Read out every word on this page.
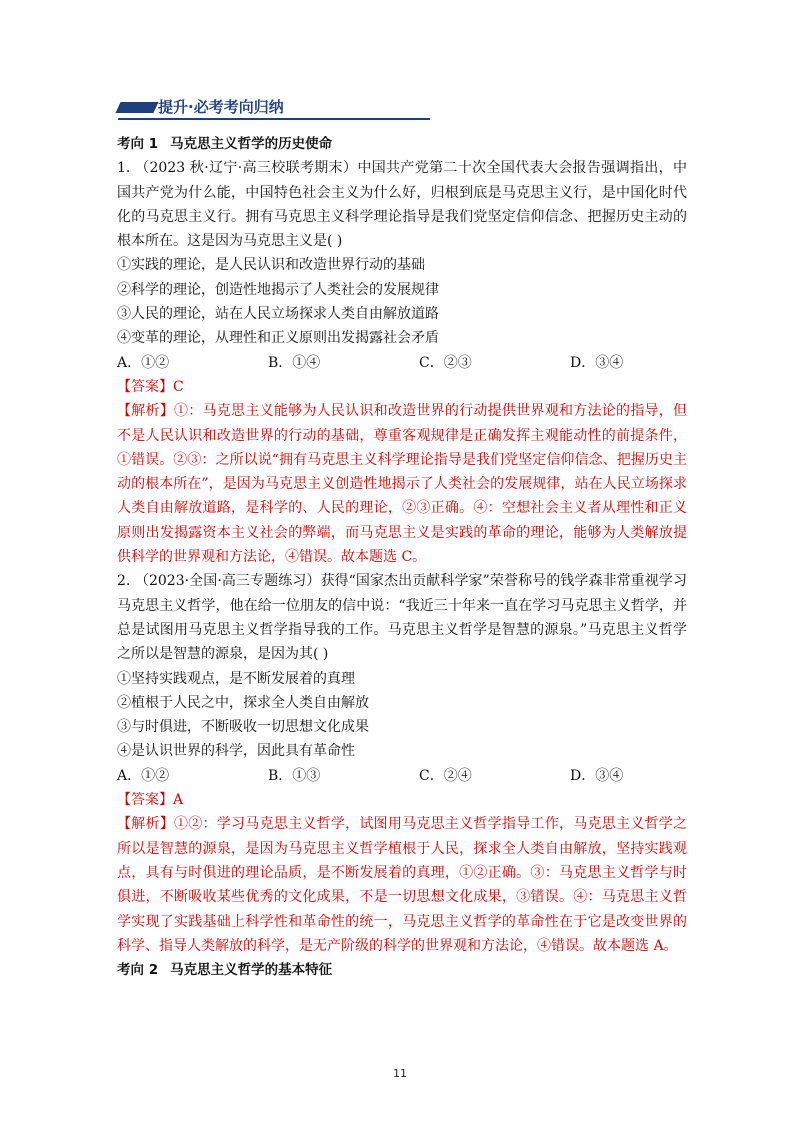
提升·必考考向归纳
考向 1 马克思主义哲学的历史使命
1. （2023 秋·辽宁·高三校联考期末）中国共产党第二十次全国代表大会报告强调指出，中国共产党为什么能，中国特色社会主义为什么好，归根到底是马克思主义行，是中国化时代化的马克思主义行。拥有马克思主义科学理论指导是我们党坚定信仰信念、把握历史主动的根本所在。这是因为马克思主义是( )
①实践的理论，是人民认识和改造世界行动的基础
②科学的理论，创造性地揭示了人类社会的发展规律
③人民的理论，站在人民立场探求人类自由解放道路
④变革的理论，从理性和正义原则出发揭露社会矛盾
A．①②	B．①④	C．②③	D．③④
【答案】C
【解析】①：马克思主义能够为人民认识和改造世界的行动提供世界观和方法论的指导，但不是人民认识和改造世界的行动的基础，尊重客观规律是正确发挥主观能动性的前提条件，①错误。②③：之所以说“拥有马克思主义科学理论指导是我们党坚定信仰信念、把握历史主动的根本所在”，是因为马克思主义创造性地揭示了人类社会的发展规律，站在人民立场探求人类自由解放道路，是科学的、人民的理论，②③正确。④：空想社会主义者从理性和正义原则出发揭露资本主义社会的弊端，而马克思主义是实践的革命的理论，能够为人类解放提供科学的世界观和方法论，④错误。故本题选 C。
2. （2023·全国·高三专题练习）获得“国家杰出贡献科学家”荣誉称号的钱学森非常重视学习马克思主义哲学，他在给一位朋友的信中说：“我近三十年来一直在学习马克思主义哲学，并总是试图用马克思主义哲学指导我的工作。马克思主义哲学是智慧的源泉。”马克思主义哲学之所以是智慧的源泉，是因为其( )
①坚持实践观点，是不断发展着的真理
②植根于人民之中，探求全人类自由解放
③与时俱进，不断吸收一切思想文化成果
④是认识世界的科学，因此具有革命性
A．①②	B．①③	C．②④	D．③④
【答案】A
【解析】①②：学习马克思主义哲学，试图用马克思主义哲学指导工作，马克思主义哲学之所以是智慧的源泉，是因为马克思主义哲学植根于人民，探求全人类自由解放，坚持实践观点，具有与时俱进的理论品质，是不断发展着的真理，①②正确。③：马克思主义哲学与时俱进，不断吸收某些优秀的文化成果，不是一切思想文化成果，③错误。④：马克思主义哲学实现了实践基础上科学性和革命性的统一，马克思主义哲学的革命性在于它是改变世界的科学、指导人类解放的科学，是无产阶级的科学的世界观和方法论，④错误。故本题选 A。
考向 2 马克思主义哲学的基本特征
11
